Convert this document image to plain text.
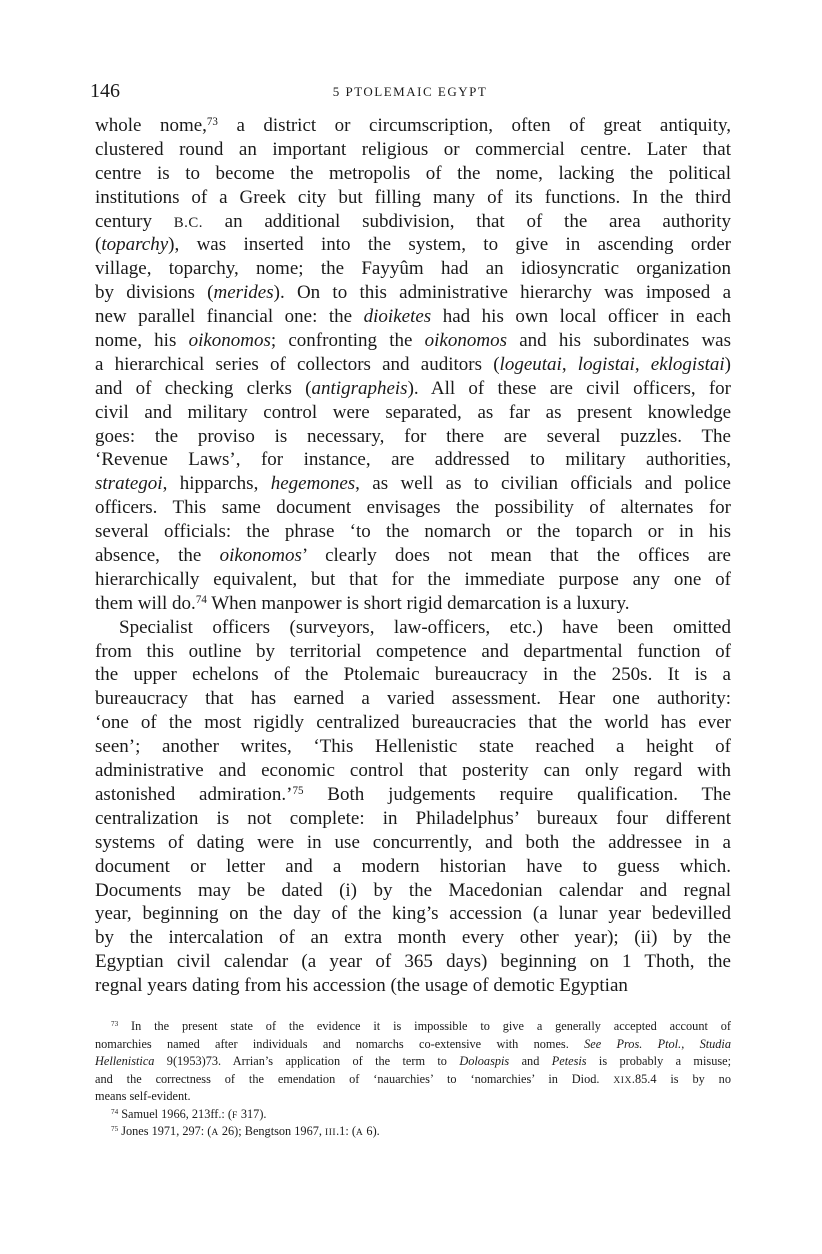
146	5 PTOLEMAIC EGYPT
whole nome,$^{73}$ a district or circumscription, often of great antiquity,
clustered round an important religious or commercial centre. Later that
centre is to become the metropolis of the nome, lacking the political
institutions of a Greek city but filling many of its functions. In the third
century B.C. an additional subdivision, that of the area authority
(toparchy), was inserted into the system, to give in ascending order
village, toparchy, nome; the Fayyûm had an idiosyncratic organization
by divisions (merides). On to this administrative hierarchy was imposed a
new parallel financial one: the dioiketes had his own local officer in each
nome, his oikonomos; confronting the oikonomos and his subordinates was
a hierarchical series of collectors and auditors (logeutai, logistai, eklogistai)
and of checking clerks (antigrapheis). All of these are civil officers, for
civil and military control were separated, as far as present knowledge
goes: the proviso is necessary, for there are several puzzles. The
‘Revenue Laws’, for instance, are addressed to military authorities,
strategoi, hipparchs, hegemones, as well as to civilian officials and police
officers. This same document envisages the possibility of alternates for
several officials: the phrase ‘to the nomarch or the toparch or in his
absence, the oikonomos’ clearly does not mean that the offices are
hierarchically equivalent, but that for the immediate purpose any one of
them will do.$^{74}$ When manpower is short rigid demarcation is a luxury.
Specialist officers (surveyors, law-officers, etc.) have been omitted
from this outline by territorial competence and departmental function of
the upper echelons of the Ptolemaic bureaucracy in the 250s. It is a
bureaucracy that has earned a varied assessment. Hear one authority:
‘one of the most rigidly centralized bureaucracies that the world has ever
seen’; another writes, ‘This Hellenistic state reached a height of
administrative and economic control that posterity can only regard with
astonished admiration.’$^{75}$ Both judgements require qualification. The
centralization is not complete: in Philadelphus’ bureaux four different
systems of dating were in use concurrently, and both the addressee in a
document or letter and a modern historian have to guess which.
Documents may be dated (i) by the Macedonian calendar and regnal
year, beginning on the day of the king’s accession (a lunar year bedevilled
by the intercalation of an extra month every other year); (ii) by the
Egyptian civil calendar (a year of 365 days) beginning on 1 Thoth, the
regnal years dating from his accession (the usage of demotic Egyptian
$^{73}$ In the present state of the evidence it is impossible to give a generally accepted account of
nomarchies named after individuals and nomarchs co-extensive with nomes. See Pros. Ptol., Studia
Hellenistica 9(1953)73. Arrian’s application of the term to Doloaspis and Petesis is probably a misuse;
and the correctness of the emendation of ‘nauarchies’ to ‘nomarchies’ in Diod. XIX.85.4 is by no
means self-evident.
$^{74}$ Samuel 1966, 213ff.: (F 317).
$^{75}$ Jones 1971, 297: (A 26); Bengtson 1967, III.1: (A 6).
